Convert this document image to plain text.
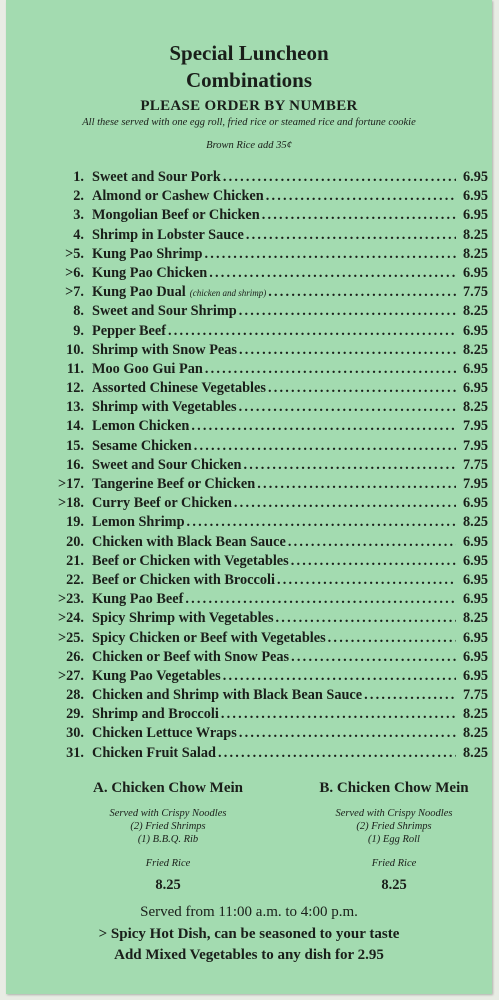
Special Luncheon
Combinations
PLEASE ORDER BY NUMBER
All these served with one egg roll, fried rice or steamed rice and fortune cookie
Brown Rice add 35¢
1. Sweet and Sour Pork .....	6.95
2. Almond or Cashew Chicken .....	6.95
3. Mongolian Beef or Chicken .....	6.95
4. Shrimp in Lobster Sauce .....	8.25
>5. Kung Pao Shrimp .....	8.25
>6. Kung Pao Chicken .....	6.95
>7. Kung Pao Dual (chicken and shrimp) .....	7.75
8. Sweet and Sour Shrimp .....	8.25
9. Pepper Beef .....	6.95
10. Shrimp with Snow Peas .....	8.25
11. Moo Goo Gui Pan .....	6.95
12. Assorted Chinese Vegetables .....	6.95
13. Shrimp with Vegetables .....	8.25
14. Lemon Chicken .....	7.95
15. Sesame Chicken .....	7.95
16. Sweet and Sour Chicken .....	7.75
>17. Tangerine Beef or Chicken .....	7.95
>18. Curry Beef or Chicken .....	6.95
19. Lemon Shrimp .....	8.25
20. Chicken with Black Bean Sauce .....	6.95
21. Beef or Chicken with Vegetables .....	6.95
22. Beef or Chicken with Broccoli .....	6.95
>23. Kung Pao Beef .....	6.95
>24. Spicy Shrimp with Vegetables .....	8.25
>25. Spicy Chicken or Beef with Vegetables .....	6.95
26. Chicken or Beef with Snow Peas .....	6.95
>27. Kung Pao Vegetables .....	6.95
28. Chicken and Shrimp with Black Bean Sauce .....	7.75
29. Shrimp and Broccoli .....	8.25
30. Chicken Lettuce Wraps .....	8.25
31. Chicken Fruit Salad .....	8.25
A. Chicken Chow Mein
Served with Crispy Noodles
(2) Fried Shrimps
(1) B.B.Q. Rib
Fried Rice
8.25
B. Chicken Chow Mein
Served with Crispy Noodles
(2) Fried Shrimps
(1) Egg Roll
Fried Rice
8.25
Served from 11:00 a.m. to 4:00 p.m.
> Spicy Hot Dish, can be seasoned to your taste
Add Mixed Vegetables to any dish for 2.95
